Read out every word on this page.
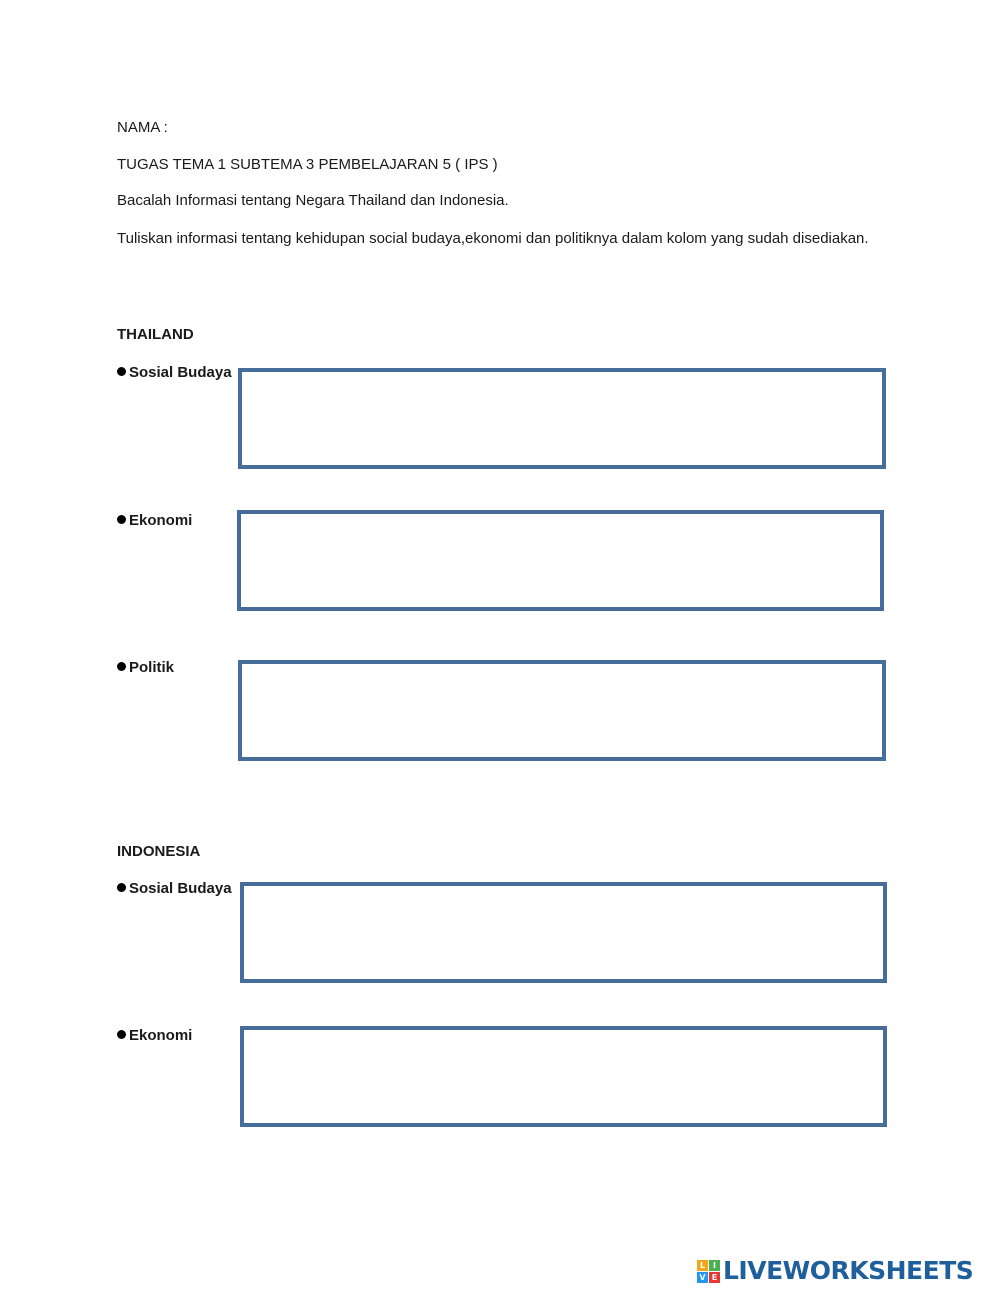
NAMA :
TUGAS TEMA 1 SUBTEMA 3 PEMBELAJARAN 5 ( IPS )
Bacalah Informasi tentang Negara Thailand dan Indonesia.
Tuliskan informasi tentang kehidupan social budaya,ekonomi dan politiknya dalam kolom yang sudah disediakan.
THAILAND
Sosial Budaya
Ekonomi
Politik
INDONESIA
Sosial Budaya
Ekonomi
L I
V E LIVEWORKSHEETS
